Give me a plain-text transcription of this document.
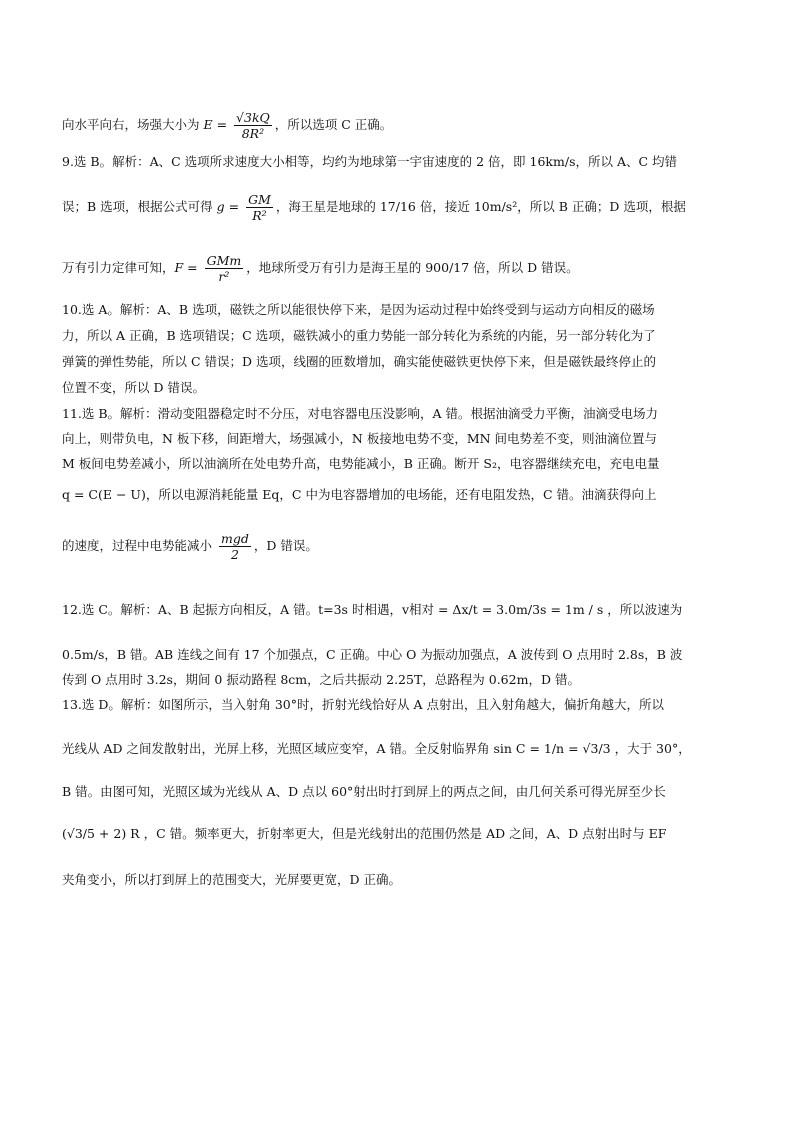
向水平向右，场强大小为 $E = \frac{√3kQ}{\text{8R²}}$ ，所以选项 C 正确。
9.选 B。解析：A、C 选项所求速度大小相等，均约为地球第一宇宙速度的 2 倍，即 16km/s，所以 A、C 均错
误；B 选项，根据公式可得 $g = \frac{GM}{\text{R²}}$ ，海王星是地球的 17/16 倍，接近 10m/s²，所以 B 正确；D 选项，根据
万有引力定律可知，$F = \frac{\text{GMm}}{\text{r²}}$ ，地球所受万有引力是海王星的 900/17 倍，所以 D 错误。
10.选 A。解析：A、B 选项，磁铁之所以能很快停下来，是因为运动过程中始终受到与运动方向相反的磁场
力，所以 A 正确，B 选项错误；C 选项，磁铁减小的重力势能一部分转化为系统的内能，另一部分转化为了
弹簧的弹性势能，所以 C 错误；D 选项，线圈的匝数增加，确实能使磁铁更快停下来，但是磁铁最终停止的
位置不变，所以 D 错误。
11.选 B。解析：滑动变阻器稳定时不分压，对电容器电压没影响，A 错。根据油滴受力平衡，油滴受电场力
向上，则带负电，N 板下移，间距增大，场强减小，N 板接地电势不变，MN 间电势差不变，则油滴位置与
M 板间电势差减小，所以油滴所在处电势升高，电势能减小，B 正确。断开 S₂，电容器继续充电，充电电量
q = C(E − U)，所以电源消耗能量 Eq，C 中为电容器增加的电场能，还有电阻发热，C 错。油滴获得向上
的速度，过程中电势能减小 $\frac{\text{mgd}}{2}$ ，D 错误。
12.选 C。解析：A、B 起振方向相反，A 错。t=3s 时相遇，v相对 = Δx/t = 3.0m/3s = 1m / s ，所以波速为
0.5m/s，B 错。AB 连线之间有 17 个加强点，C 正确。中心 O 为振动加强点，A 波传到 O 点用时 2.8s，B 波
传到 O 点用时 3.2s，期间 0 振动路程 8cm，之后共振动 2.25T，总路程为 0.62m，D 错。
13.选 D。解析：如图所示，当入射角 30°时，折射光线恰好从 A 点射出，且入射角越大，偏折角越大，所以
光线从 AD 之间发散射出，光屏上移，光照区域应变窄，A 错。全反射临界角 sin C = 1/n = √3/3 ，大于 30°，
B 错。由图可知，光照区域为光线从 A、D 点以 60°射出时打到屏上的两点之间，由几何关系可得光屏至少长
(√3/5 + 2) R ，C 错。频率更大，折射率更大，但是光线射出的范围仍然是 AD 之间，A、D 点射出时与 EF
夹角变小，所以打到屏上的范围变大，光屏要更宽，D 正确。
